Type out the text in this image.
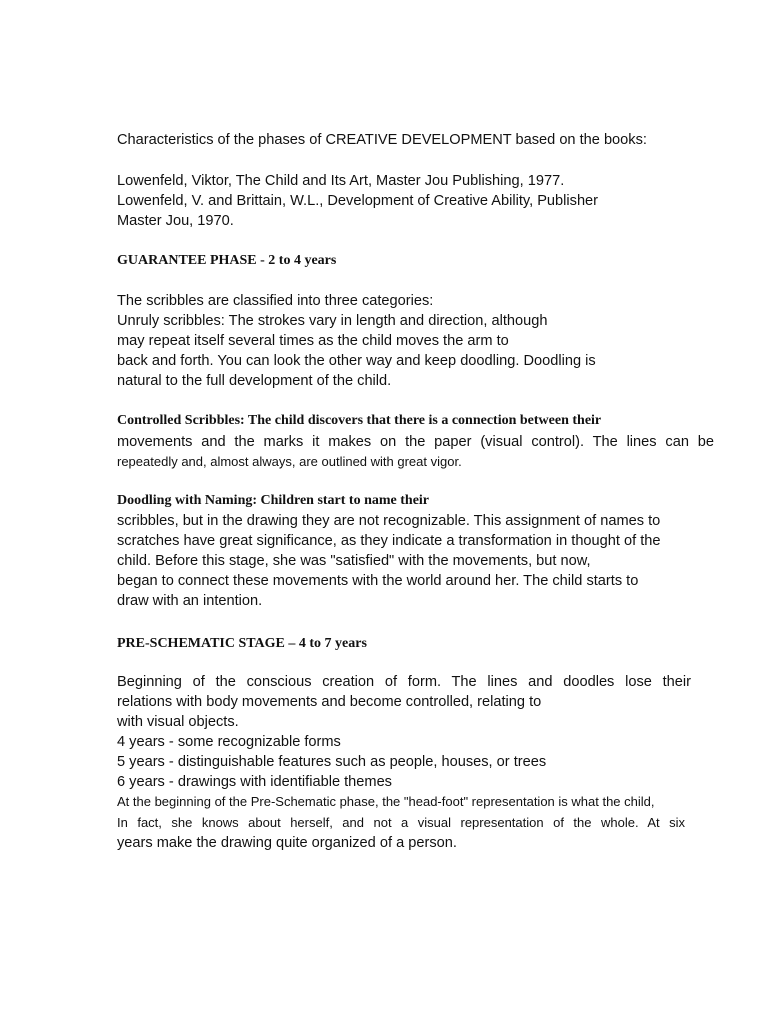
Characteristics of the phases of CREATIVE DEVELOPMENT based on the books:
Lowenfeld, Viktor, The Child and Its Art, Master Jou Publishing, 1977.
Lowenfeld, V. and Brittain, W.L., Development of Creative Ability, Publisher
Master Jou, 1970.
GUARANTEE PHASE - 2 to 4 years
The scribbles are classified into three categories:
Unruly scribbles: The strokes vary in length and direction, although
may repeat itself several times as the child moves the arm to
back and forth. You can look the other way and keep doodling. Doodling is
natural to the full development of the child.
Controlled Scribbles: The child discovers that there is a connection between their
movements and the marks it makes on the paper (visual control). The lines can be
repeatedly and, almost always, are outlined with great vigor.
Doodling with Naming: Children start to name their
scribbles, but in the drawing they are not recognizable. This assignment of names to
scratches have great significance, as they indicate a transformation in thought of the
child. Before this stage, she was "satisfied" with the movements, but now,
began to connect these movements with the world around her. The child starts to
draw with an intention.
PRE-SCHEMATIC STAGE – 4 to 7 years
Beginning of the conscious creation of form. The lines and doodles lose their
relations with body movements and become controlled, relating to
with visual objects.
4 years - some recognizable forms
5 years - distinguishable features such as people, houses, or trees
6 years - drawings with identifiable themes
At the beginning of the Pre-Schematic phase, the "head-foot" representation is what the child,
In fact, she knows about herself, and not a visual representation of the whole. At six
years make the drawing quite organized of a person.
